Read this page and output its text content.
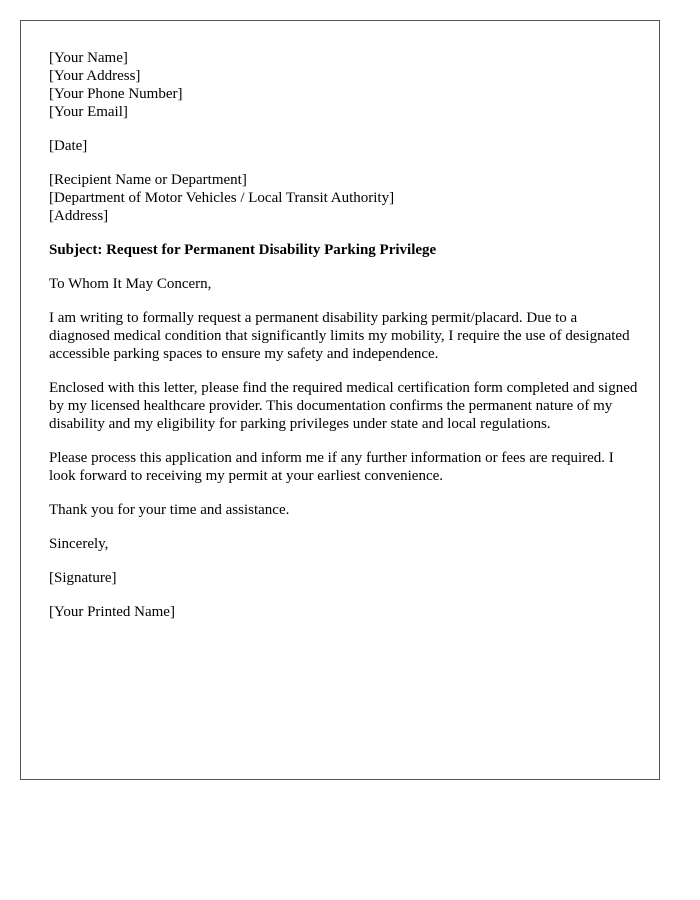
[Your Name]
[Your Address]
[Your Phone Number]
[Your Email]
[Date]
[Recipient Name or Department]
[Department of Motor Vehicles / Local Transit Authority]
[Address]
Subject: Request for Permanent Disability Parking Privilege

To Whom It May Concern,

I am writing to formally request a permanent disability parking permit/placard. Due to a diagnosed medical condition that significantly limits my mobility, I require the use of designated accessible parking spaces to ensure my safety and independence.

Enclosed with this letter, please find the required medical certification form completed and signed by my licensed healthcare provider. This documentation confirms the permanent nature of my disability and my eligibility for parking privileges under state and local regulations.

Please process this application and inform me if any further information or fees are required. I look forward to receiving my permit at your earliest convenience.

Thank you for your time and assistance.

Sincerely,

[Signature]

[Your Printed Name]
